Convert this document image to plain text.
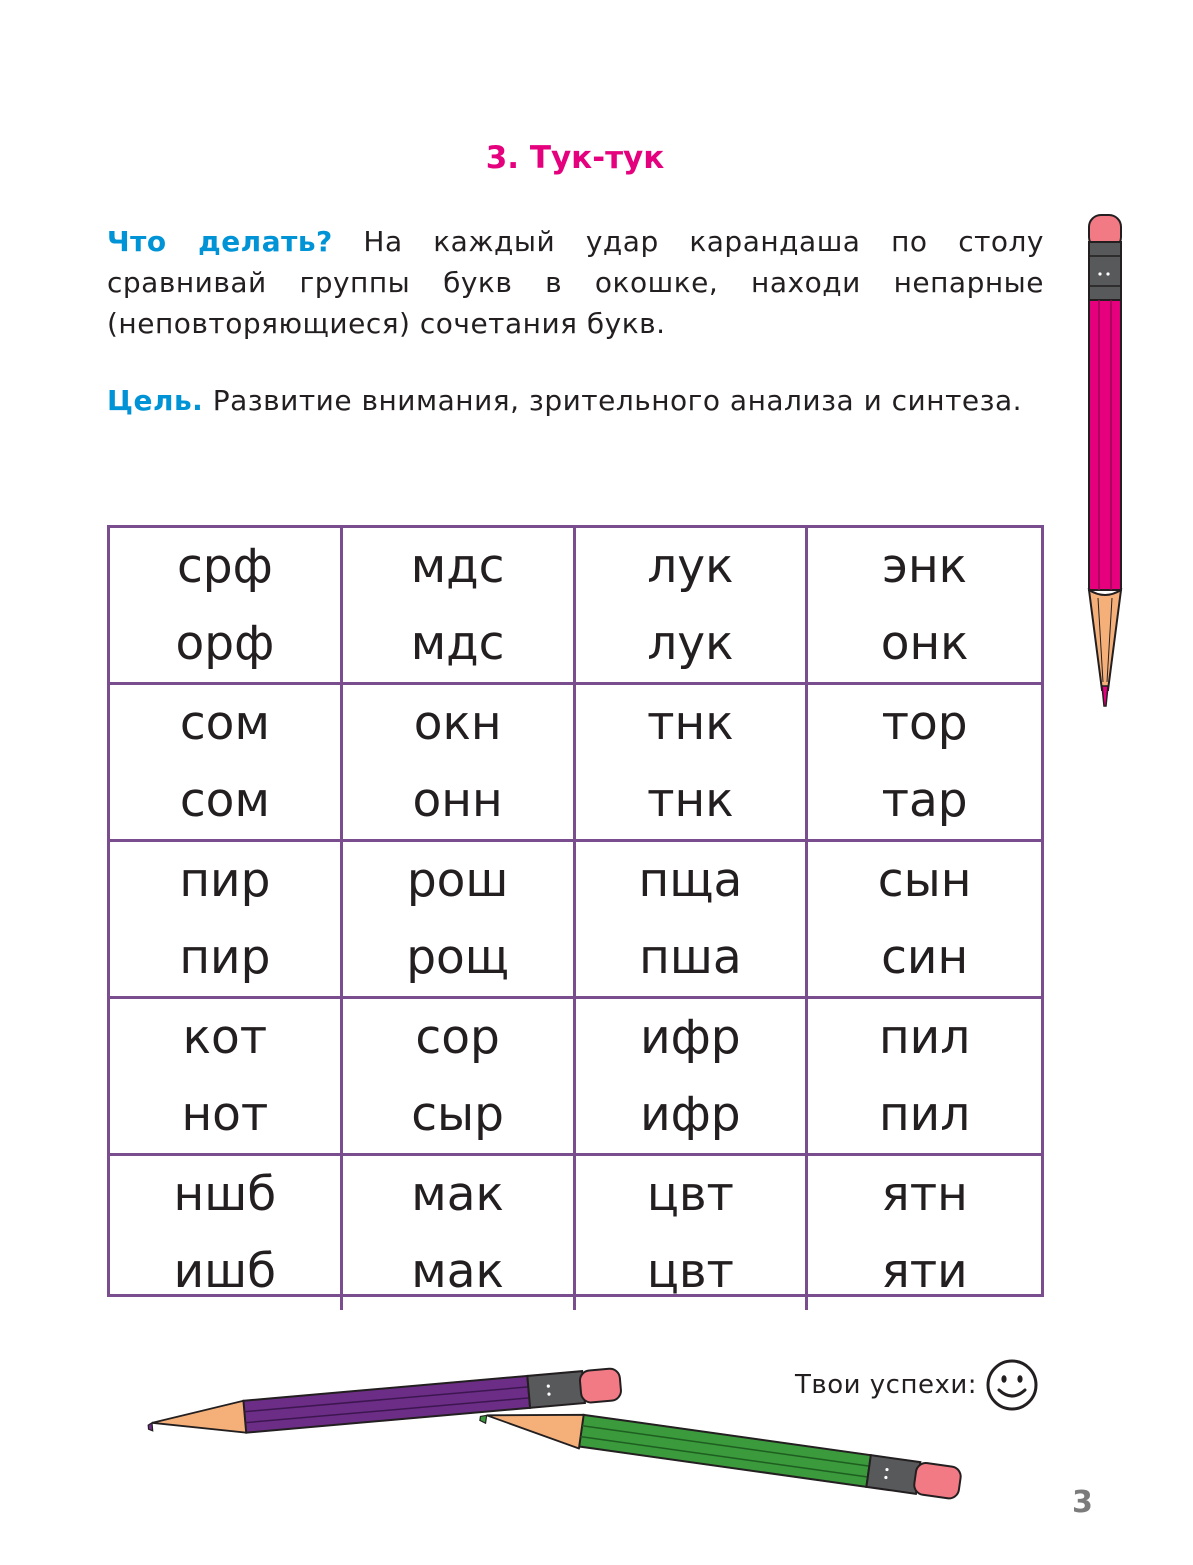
3. Тук-тук
Что делать? На каждый удар карандаша по столу сравнивай группы букв в окошке, находи непарные (неповторяющиеся) сочетания букв.
Цель. Развитие внимания, зрительного анализа и синтеза.
срф
орф
мдс
мдс
лук
лук
энк
онк
сом
сом
окн
онн
тнк
тнк
тор
тар
пир
пир
рош
рощ
пща
пша
сын
син
кот
нот
сор
сыр
ифр
ифр
пил
пил
ншб
ишб
мак
мак
цвт
цвт
ятн
яти
Твои успехи:
3
